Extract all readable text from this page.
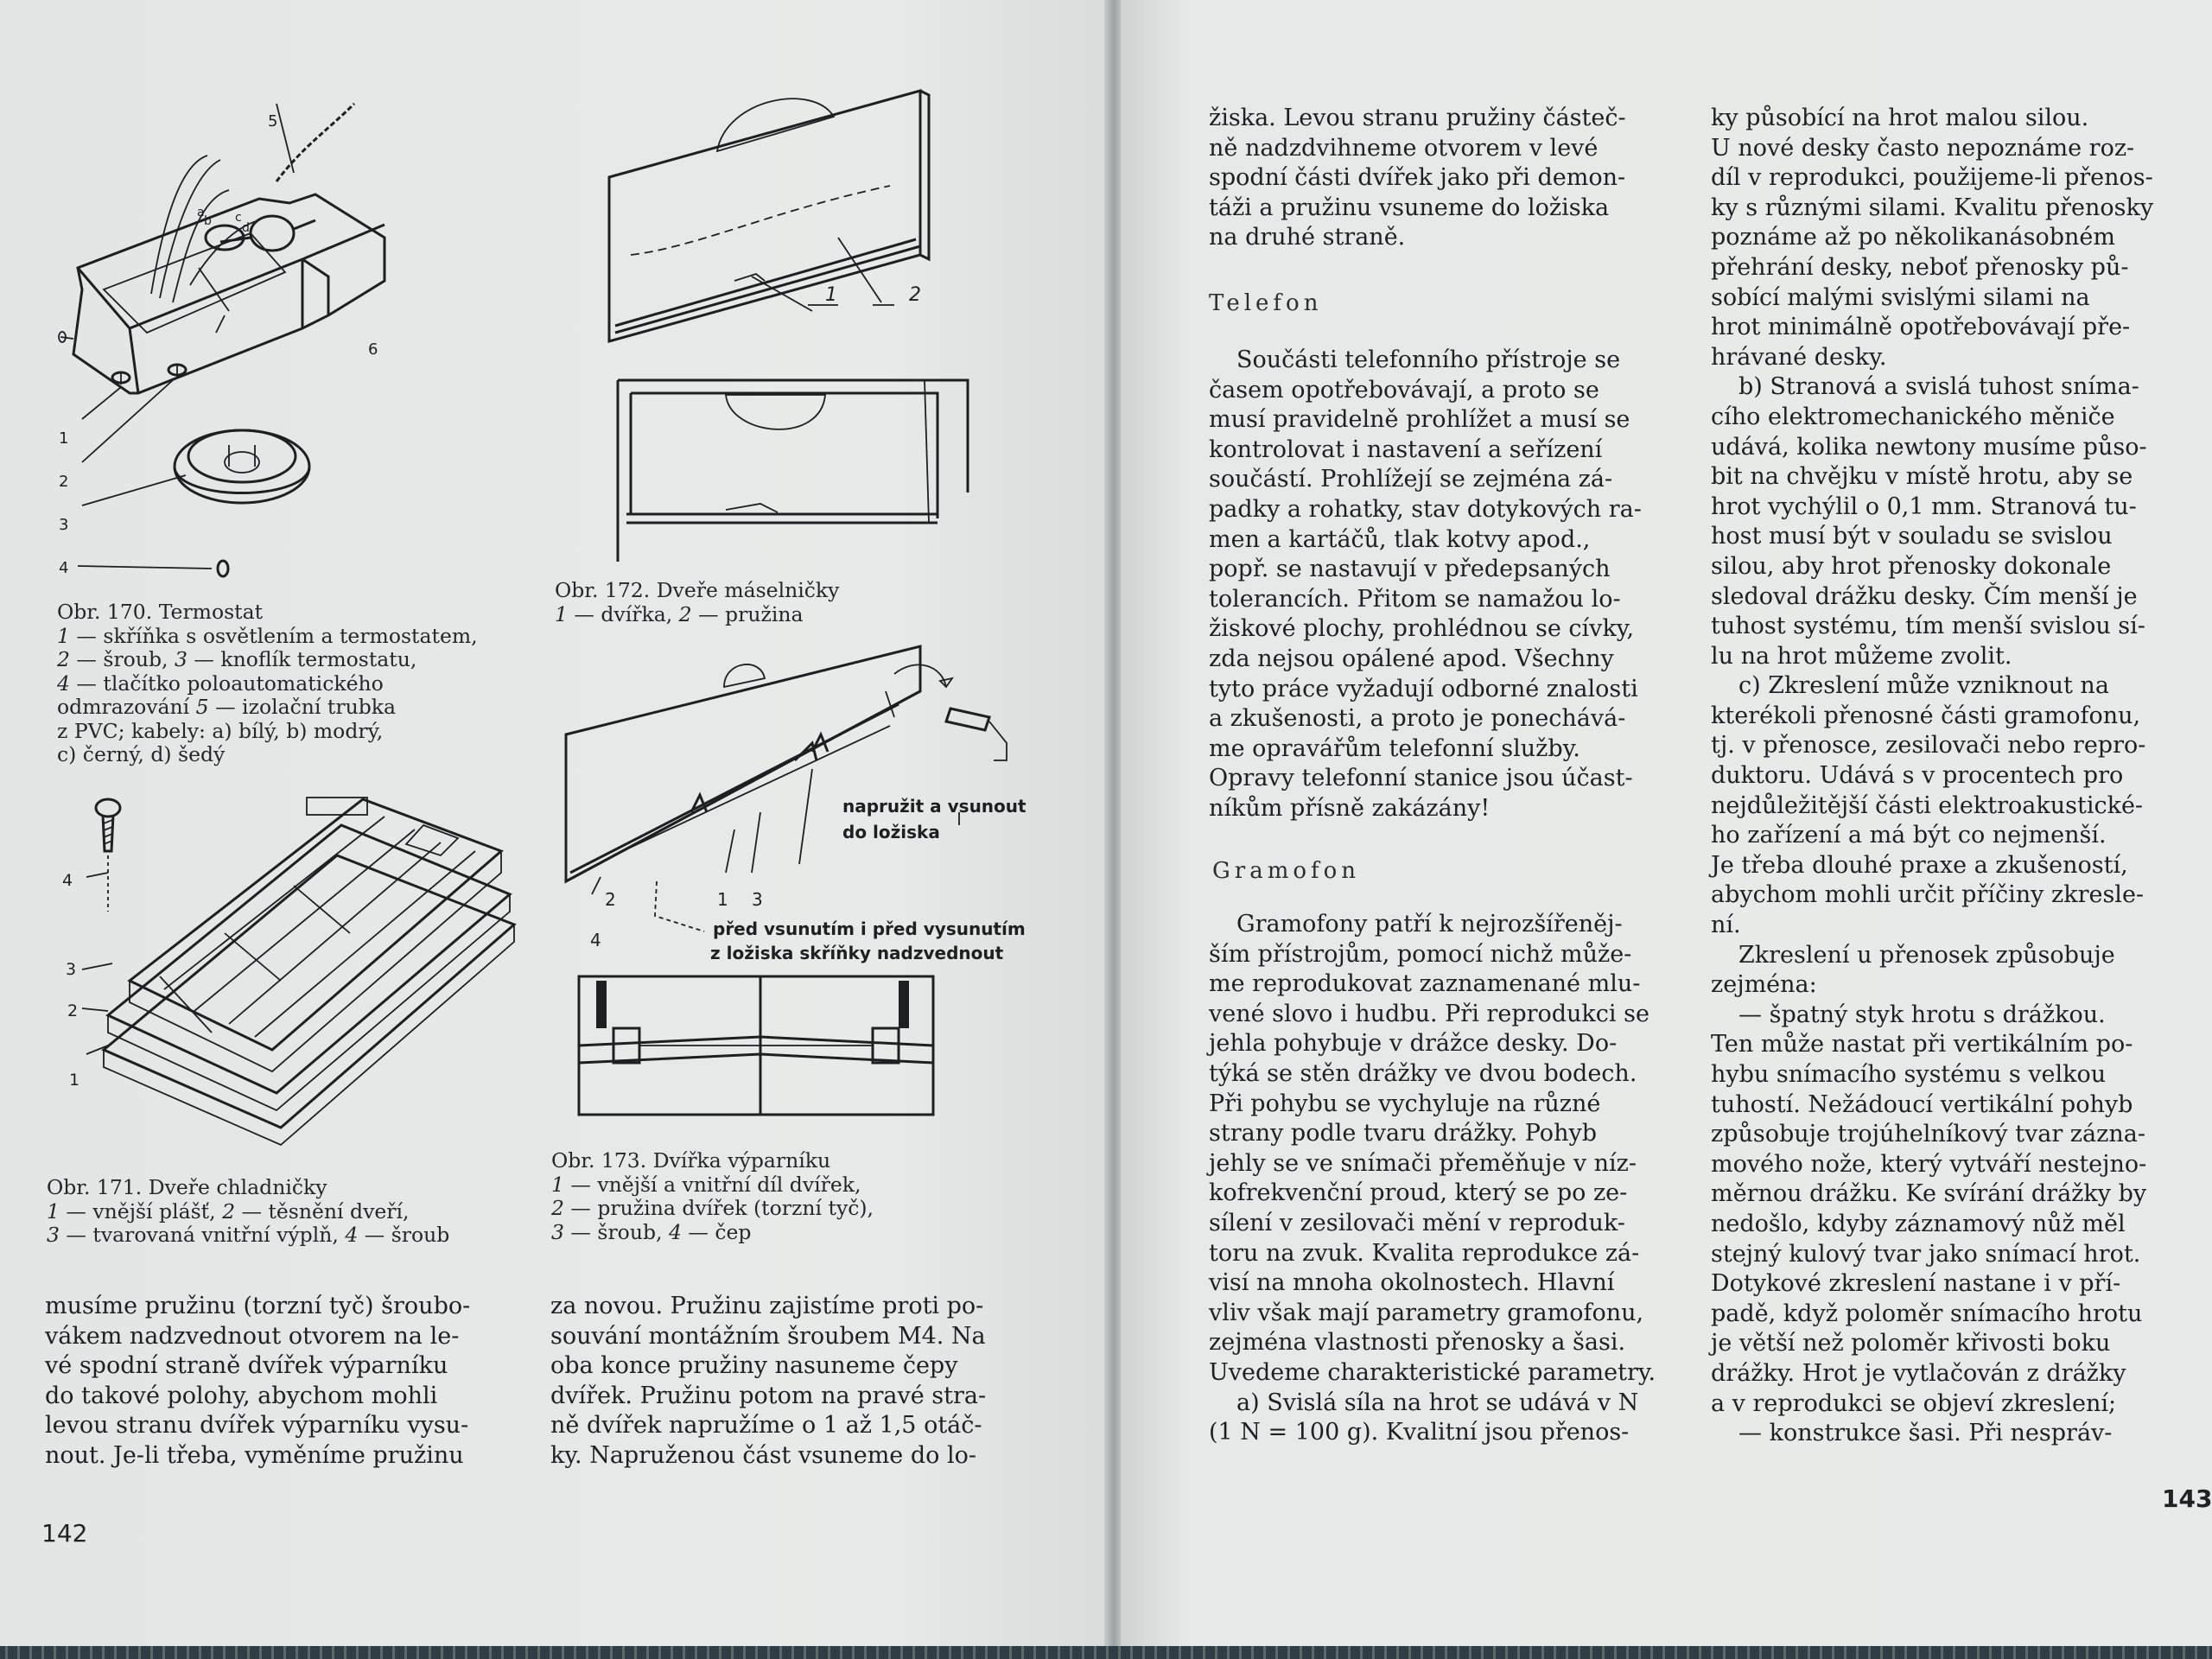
1
2
3
4
5
6
a
b c
d
Obr. 170. Termostat
1 — skříňka s osvětlením a termostatem,
2 — šroub, 3 — knoflík termostatu,
4 — tlačítko poloautomatického
odmrazování 5 — izolační trubka
z PVC; kabely: a) bílý, b) modrý,
c) černý, d) šedý
4
3
2
1
Obr. 171. Dveře chladničky
1 — vnější plášť, 2 — těsnění dveří,
3 — tvarovaná vnitřní výplň, 4 — šroub
1	2
Obr. 172. Dveře máselničky
1 — dvířka, 2 — pružina
2	1 3
4
napružit a vsunout
do ložiska
před vsunutím i před vysunutím
z ložiska skříňky nadzvednout
Obr. 173. Dvířka výparníku
1 — vnější a vnitřní díl dvířek,
2 — pružina dvířek (torzní tyč),
3 — šroub, 4 — čep

musíme pružinu (torzní tyč) šroubo-

vákem nadzvednout otvorem na le-

vé spodní straně dvířek výparníku

do takové polohy, abychom mohli

levou stranu dvířek výparníku vysu-

nout. Je-li třeba, vyměníme pružinu

za novou. Pružinu zajistíme proti po-

souvání montážním šroubem M4. Na

oba konce pružiny nasuneme čepy

dvířek. Pružinu potom na pravé stra-

ně dvířek napružíme o 1 až 1,5 otáč-

ky. Napruženou část vsuneme do lo-

142

žiska. Levou stranu pružiny částeč-

ně nadzdvihneme otvorem v levé

spodní části dvířek jako při demon-

táži a pružinu vsuneme do ložiska

na druhé straně.

Telefon

Součásti telefonního přístroje se

časem opotřebovávají, a proto se

musí pravidelně prohlížet a musí se

kontrolovat i nastavení a seřízení

součástí. Prohlížejí se zejména zá-

padky a rohatky, stav dotykových ra-

men a kartáčů, tlak kotvy apod.,

popř. se nastavují v předepsaných

tolerancích. Přitom se namažou lo-

žiskové plochy, prohlédnou se cívky,

zda nejsou opálené apod. Všechny

tyto práce vyžadují odborné znalosti

a zkušenosti, a proto je ponechává-

me opravářům telefonní služby.

Opravy telefonní stanice jsou účast-

níkům přísně zakázány!

Gramofon

Gramofony patří k nejrozšířeněj-

ším přístrojům, pomocí nichž může-

me reprodukovat zaznamenané mlu-

vené slovo i hudbu. Při reprodukci se

jehla pohybuje v drážce desky. Do-

týká se stěn drážky ve dvou bodech.

Při pohybu se vychyluje na různé

strany podle tvaru drážky. Pohyb

jehly se ve snímači přeměňuje v níz-

kofrekvenční proud, který se po ze-

sílení v zesilovači mění v reproduk-

toru na zvuk. Kvalita reprodukce zá-

visí na mnoha okolnostech. Hlavní

vliv však mají parametry gramofonu,

zejména vlastnosti přenosky a šasi.

Uvedeme charakteristické parametry.

a) Svislá síla na hrot se udává v N

(1 N = 100 g). Kvalitní jsou přenos-

ky působící na hrot malou silou.

U nové desky často nepoznáme roz-

díl v reprodukci, použijeme-li přenos-

ky s různými silami. Kvalitu přenosky

poznáme až po několikanásobném

přehrání desky, neboť přenosky pů-

sobící malými svislými silami na

hrot minimálně opotřebovávají pře-

hrávané desky.

b) Stranová a svislá tuhost sníma-

cího elektromechanického měniče

udává, kolika newtony musíme půso-

bit na chvějku v místě hrotu, aby se

hrot vychýlil o 0,1 mm. Stranová tu-

host musí být v souladu se svislou

silou, aby hrot přenosky dokonale

sledoval drážku desky. Čím menší je

tuhost systému, tím menší svislou sí-

lu na hrot můžeme zvolit.

c) Zkreslení může vzniknout na

kterékoli přenosné části gramofonu,

tj. v přenosce, zesilovači nebo repro-

duktoru. Udává s v procentech pro

nejdůležitější části elektroakustické-

ho zařízení a má být co nejmenší.

Je třeba dlouhé praxe a zkušeností,

abychom mohli určit příčiny zkresle-

ní.

Zkreslení u přenosek způsobuje

zejména:

— špatný styk hrotu s drážkou.

Ten může nastat při vertikálním po-

hybu snímacího systému s velkou

tuhostí. Nežádoucí vertikální pohyb

způsobuje trojúhelníkový tvar zázna-

mového nože, který vytváří nestejno-

měrnou drážku. Ke svírání drážky by

nedošlo, kdyby záznamový nůž měl

stejný kulový tvar jako snímací hrot.

Dotykové zkreslení nastane i v pří-

padě, když poloměr snímacího hrotu

je větší než poloměr křivosti boku

drážky. Hrot je vytlačován z drážky

a v reprodukci se objeví zkreslení;

— konstrukce šasi. Při nespráv-

143
